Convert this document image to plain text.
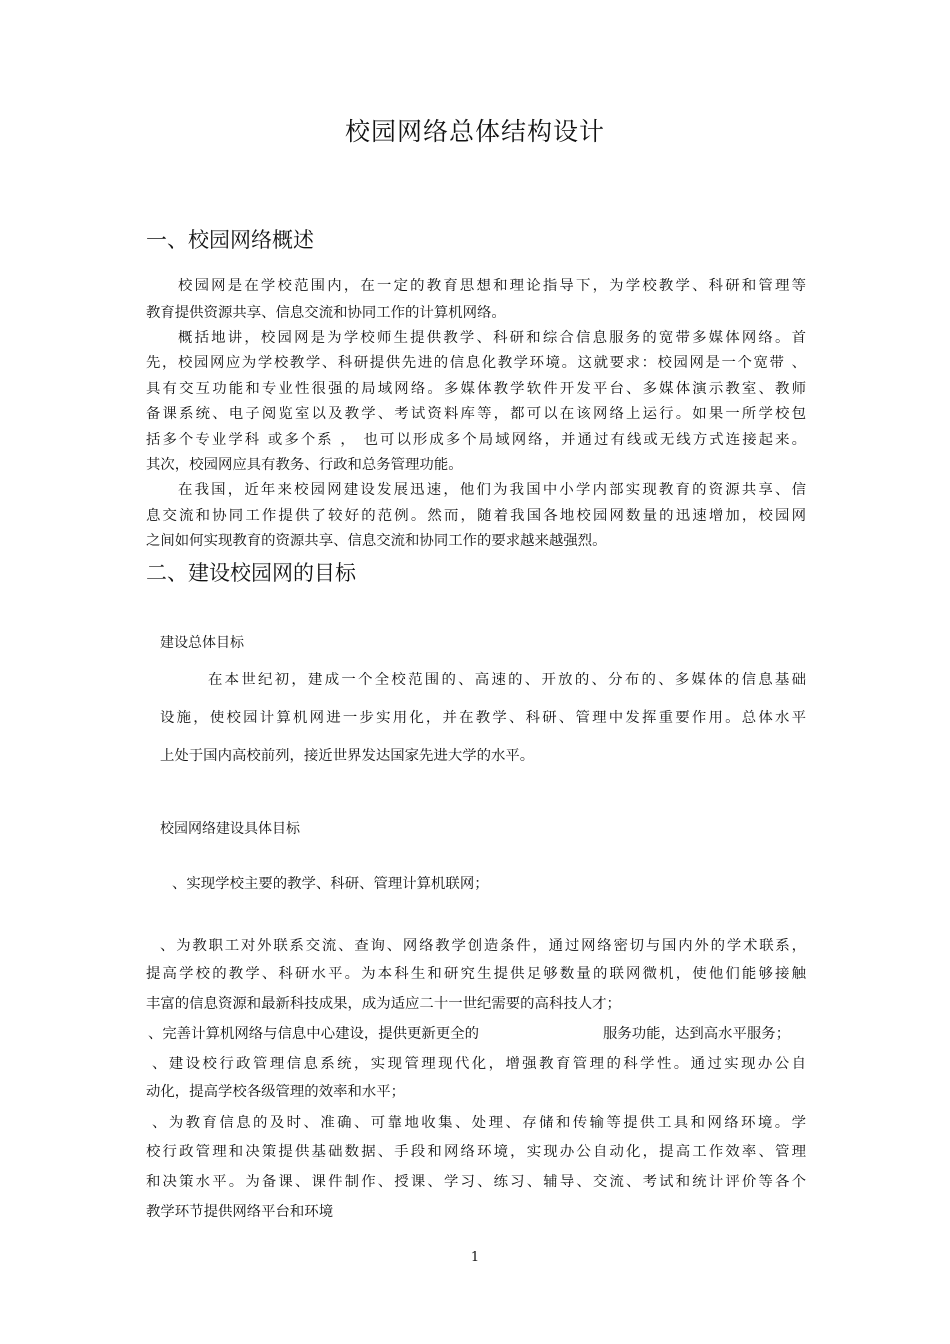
校园网络总体结构设计
一、校园网络概述
校园网是在学校范围内，在一定的教育思想和理论指导下，为学校教学、科研和管理等
教育提供资源共享、信息交流和协同工作的计算机网络。
概括地讲，校园网是为学校师生提供教学、科研和综合信息服务的宽带多媒体网络。首
先，校园网应为学校教学、科研提供先进的信息化教学环境。这就要求：校园网是一个宽带 、
具有交互功能和专业性很强的局域网络。多媒体教学软件开发平台、多媒体演示教室、教师
备课系统、电子阅览室以及教学、考试资料库等，都可以在该网络上运行。如果一所学校包
括多个专业学科 或多个系 ， 也可以形成多个局域网络，并通过有线或无线方式连接起来。
其次，校园网应具有教务、行政和总务管理功能。
在我国，近年来校园网建设发展迅速，他们为我国中小学内部实现教育的资源共享、信
息交流和协同工作提供了较好的范例。然而，随着我国各地校园网数量的迅速增加，校园网
之间如何实现教育的资源共享、信息交流和协同工作的要求越来越强烈。
二、建设校园网的目标
建设总体目标
在本世纪初，建成一个全校范围的、高速的、开放的、分布的、多媒体的信息基础
设施，使校园计算机网进一步实用化，并在教学、科研、管理中发挥重要作用。总体水平
上处于国内高校前列，接近世界发达国家先进大学的水平。
校园网络建设具体目标
、实现学校主要的教学、科研、管理计算机联网；
、为教职工对外联系交流、查询、网络教学创造条件，通过网络密切与国内外的学术联系，
提高学校的教学、科研水平。为本科生和研究生提供足够数量的联网微机，使他们能够接触
丰富的信息资源和最新科技成果，成为适应二十一世纪需要的高科技人才；
、完善计算机网络与信息中心建设，提供更新更全的	服务功能，达到高水平服务；
、建设校行政管理信息系统，实现管理现代化，增强教育管理的科学性。通过实现办公自
动化，提高学校各级管理的效率和水平；
、为教育信息的及时、准确、可靠地收集、处理、存储和传输等提供工具和网络环境。学
校行政管理和决策提供基础数据、手段和网络环境，实现办公自动化，提高工作效率、管理
和决策水平。为备课、课件制作、授课、学习、练习、辅导、交流、考试和统计评价等各个
教学环节提供网络平台和环境
1
